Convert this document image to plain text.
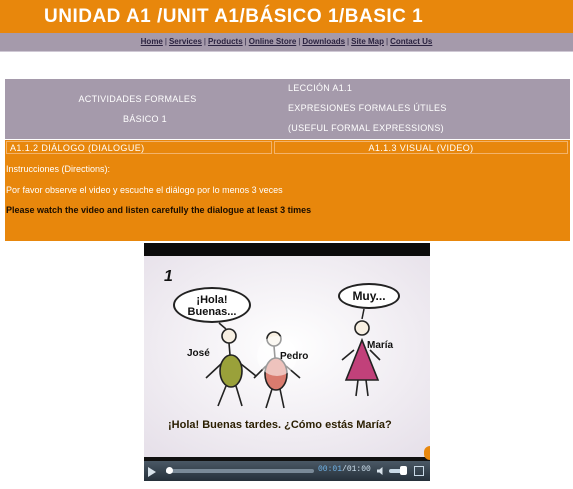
UNIDAD A1 /UNIT A1/BÁSICO 1/BASIC 1
Home | Services | Products | Online Store | Downloads | Site Map | Contact Us
ACTIVIDADES FORMALES
BÁSICO 1
LECCIÓN A1.1
EXPRESIONES FORMALES ÚTILES
(USEFUL FORMAL EXPRESSIONS)
A1.1.2 DIÁLOGO (DIALOGUE)	A1.1.3 VISUAL (VIDEO)
Instrucciones (Directions):
Por favor observe el video y escuche el diálogo por lo menos 3 veces
Please watch the video and listen carefully the dialogue at least 3 times
00:01/01:00
1
¡Hola!
Buenas...
Muy...
José	Pedro
María
¡Hola! Buenas tardes. ¿Cómo estás María?
